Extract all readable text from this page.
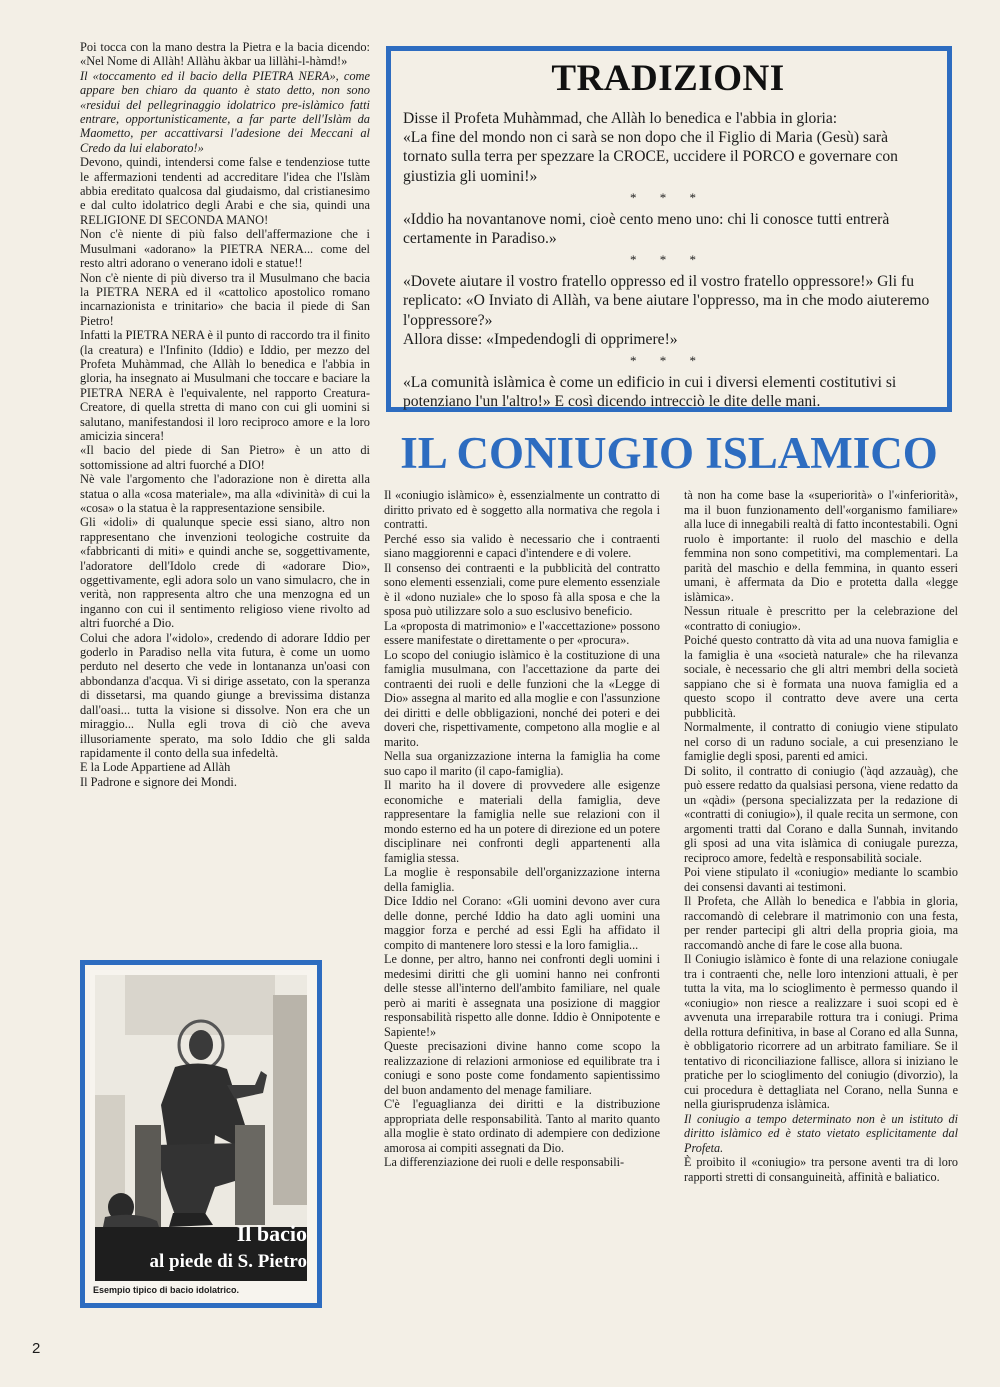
Poi tocca con la mano destra la Pietra e la bacia dicendo: «Nel Nome di Allàh! Allàhu àkbar ua lillàhi-l-hàmd!»

Il «toccamento ed il bacio della PIETRA NERA», come appare ben chiaro da quanto è stato detto, non sono «residui del pellegrinaggio idolatrico pre-islàmico fatti entrare, opportunisticamente, a far parte dell'Islàm da Maometto, per accattivarsi l'adesione dei Meccani al Credo da lui elaborato!»

Devono, quindi, intendersi come false e tendenziose tutte le affermazioni tendenti ad accreditare l'idea che l'Islàm abbia ereditato qualcosa dal giudaismo, dal cristianesimo e dal culto idolatrico degli Arabi e che sia, quindi una RELIGIONE DI SECONDA MANO!

Non c'è niente di più falso dell'affermazione che i Musulmani «adorano» la PIETRA NERA... come del resto altri adorano o venerano idoli e statue!!

Non c'è niente di più diverso tra il Musulmano che bacia la PIETRA NERA ed il «cattolico apostolico romano incarnazionista e trinitario» che bacia il piede di San Pietro!

Infatti la PIETRA NERA è il punto di raccordo tra il finito (la creatura) e l'Infinito (Iddio) e Iddio, per mezzo del Profeta Muhàmmad, che Allàh lo benedica e l'abbia in gloria, ha insegnato ai Musulmani che toccare e baciare la PIETRA NERA è l'equivalente, nel rapporto Creatura-Creatore, di quella stretta di mano con cui gli uomini si salutano, manifestandosi il loro reciproco amore e la loro amicizia sincera!

«Il bacio del piede di San Pietro» è un atto di sottomissione ad altri fuorché a DIO!

Nè vale l'argomento che l'adorazione non è diretta alla statua o alla «cosa materiale», ma alla «divinità» di cui la «cosa» o la statua è la rappresentazione sensibile.

Gli «idoli» di qualunque specie essi siano, altro non rappresentano che invenzioni teologiche costruite da «fabbricanti di miti» e quindi anche se, soggettivamente, l'adoratore dell'Idolo crede di «adorare Dio», oggettivamente, egli adora solo un vano simulacro, che in verità, non rappresenta altro che una menzogna ed un inganno con cui il sentimento religioso viene rivolto ad altri fuorché a Dio.

Colui che adora l'«idolo», credendo di adorare Iddio per goderlo in Paradiso nella vita futura, è come un uomo perduto nel deserto che vede in lontananza un'oasi con abbondanza d'acqua. Vi si dirige assetato, con la speranza di dissetarsi, ma quando giunge a brevissima distanza dall'oasi... tutta la visione si dissolve. Non era che un miraggio... Nulla egli trova di ciò che aveva illusoriamente sperato, ma solo Iddio che gli salda rapidamente il conto della sua infedeltà.

E la Lode Appartiene ad Allàh

Il Padrone e signore dei Mondi.

TRADIZIONI

Disse il Profeta Muhàmmad, che Allàh lo benedica e l'abbia in gloria:

«La fine del mondo non ci sarà se non dopo che il Figlio di Maria (Gesù) sarà tornato sulla terra per spezzare la CROCE, uccidere il PORCO e governare con giustizia gli uomini!»

* * *

«Iddio ha novantanove nomi, cioè cento meno uno: chi li conosce tutti entrerà certamente in Paradiso.»

* * *

«Dovete aiutare il vostro fratello oppresso ed il vostro fratello oppressore!» Gli fu replicato: «O Inviato di Allàh, va bene aiutare l'oppresso, ma in che modo aiuteremo l'oppressore?»

Allora disse: «Impedendogli di opprimere!»

* * *

«La comunità islàmica è come un edificio in cui i diversi elementi costitutivi si potenziano l'un l'altro!» E così dicendo intrecciò le dite delle mani.

IL CONIUGIO ISLAMICO

Il «coniugio islàmico» è, essenzialmente un contratto di diritto privato ed è soggetto alla normativa che regola i contratti.

Perché esso sia valido è necessario che i contraenti siano maggiorenni e capaci d'intendere e di volere.

Il consenso dei contraenti e la pubblicità del contratto sono elementi essenziali, come pure elemento essenziale è il «dono nuziale» che lo sposo fà alla sposa e che la sposa può utilizzare solo a suo esclusivo beneficio.

La «proposta di matrimonio» e l'«accettazione» possono essere manifestate o direttamente o per «procura».

Lo scopo del coniugio islàmico è la costituzione di una famiglia musulmana, con l'accettazione da parte dei contraenti dei ruoli e delle funzioni che la «Legge di Dio» assegna al marito ed alla moglie e con l'assunzione dei diritti e delle obbligazioni, nonché dei poteri e dei doveri che, rispettivamente, competono alla moglie e al marito.

Nella sua organizzazione interna la famiglia ha come suo capo il marito (il capo-famiglia).

Il marito ha il dovere di provvedere alle esigenze economiche e materiali della famiglia, deve rappresentare la famiglia nelle sue relazioni con il mondo esterno ed ha un potere di direzione ed un potere disciplinare nei confronti degli appartenenti alla famiglia stessa.

La moglie è responsabile dell'organizzazione interna della famiglia.

Dice Iddio nel Corano: «Gli uomini devono aver cura delle donne, perché Iddio ha dato agli uomini una maggior forza e perché ad essi Egli ha affidato il compito di mantenere loro stessi e la loro famiglia...

Le donne, per altro, hanno nei confronti degli uomini i medesimi diritti che gli uomini hanno nei confronti delle stesse all'interno dell'ambito familiare, nel quale però ai mariti è assegnata una posizione di maggior responsabilità rispetto alle donne. Iddio è Onnipotente e Sapiente!»

Queste precisazioni divine hanno come scopo la realizzazione di relazioni armoniose ed equilibrate tra i coniugi e sono poste come fondamento sapientissimo del buon andamento del menage familiare.

C'è l'eguaglianza dei diritti e la distribuzione appropriata delle responsabilità. Tanto al marito quanto alla moglie è stato ordinato di adempiere con dedizione amorosa ai compiti assegnati da Dio.

La differenziazione dei ruoli e delle responsabili-

tà non ha come base la «superiorità» o l'«inferiorità», ma il buon funzionamento dell'«organismo familiare» alla luce di innegabili realtà di fatto incontestabili. Ogni ruolo è importante: il ruolo del maschio e della femmina non sono competitivi, ma complementari. La parità del maschio e della femmina, in quanto esseri umani, è affermata da Dio e protetta dalla «legge islàmica».

Nessun rituale è prescritto per la celebrazione del «contratto di coniugio».

Poiché questo contratto dà vita ad una nuova famiglia e la famiglia è una «società naturale» che ha rilevanza sociale, è necessario che gli altri membri della società sappiano che si è formata una nuova famiglia ed a questo scopo il contratto deve avere una certa pubblicità.

Normalmente, il contratto di coniugio viene stipulato nel corso di un raduno sociale, a cui presenziano le famiglie degli sposi, parenti ed amici.

Di solito, il contratto di coniugio ('àqd azzauàg), che può essere redatto da qualsiasi persona, viene redatto da un «qàdi» (persona specializzata per la redazione di «contratti di coniugio»), il quale recita un sermone, con argomenti tratti dal Corano e dalla Sunnah, invitando gli sposi ad una vita islàmica di coniugale purezza, reciproco amore, fedeltà e responsabilità sociale.

Poi viene stipulato il «coniugio» mediante lo scambio dei consensi davanti ai testimoni.

Il Profeta, che Allàh lo benedica e l'abbia in gloria, raccomandò di celebrare il matrimonio con una festa, per render partecipi gli altri della propria gioia, ma raccomandò anche di fare le cose alla buona.

Il Coniugio islàmico è fonte di una relazione coniugale tra i contraenti che, nelle loro intenzioni attuali, è per tutta la vita, ma lo scioglimento è permesso quando il «coniugio» non riesce a realizzare i suoi scopi ed è avvenuta una irreparabile rottura tra i coniugi. Prima della rottura definitiva, in base al Corano ed alla Sunna, è obbligatorio ricorrere ad un arbitrato familiare. Se il tentativo di riconciliazione fallisce, allora si iniziano le pratiche per lo scioglimento del coniugio (divorzio), la cui procedura è dettagliata nel Corano, nella Sunna e nella giurisprudenza islàmica.

Il coniugio a tempo determinato non è un istituto di diritto islàmico ed è stato vietato esplicitamente dal Profeta.

È proibito il «coniugio» tra persone aventi tra di loro rapporti stretti di consanguineità, affinità e baliatico.

Il bacio
al piede di S. Pietro
Esempio tipico di bacio idolatrico.
2
